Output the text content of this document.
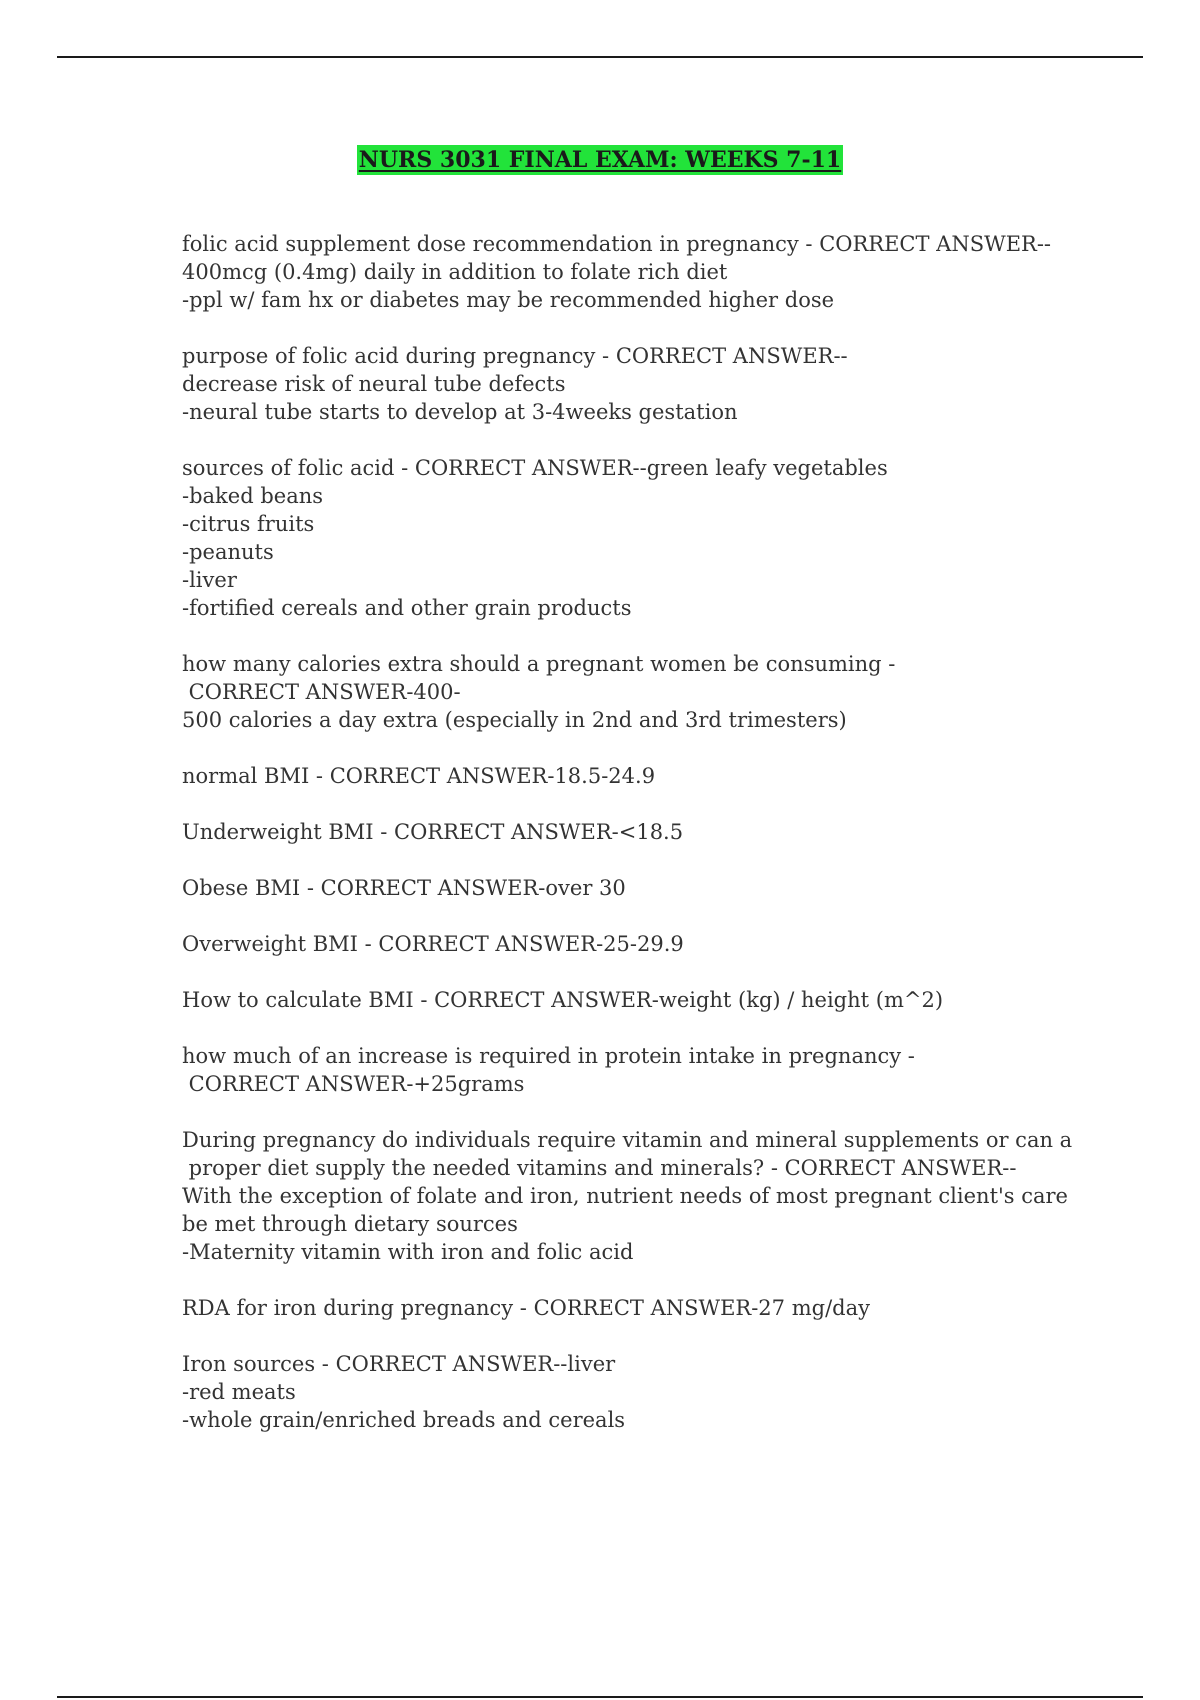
NURS 3031 FINAL EXAM: WEEKS 7-11
folic acid supplement dose recommendation in pregnancy - CORRECT ANSWER--
400mcg (0.4mg) daily in addition to folate rich diet
-ppl w/ fam hx or diabetes may be recommended higher dose
purpose of folic acid during pregnancy - CORRECT ANSWER--
decrease risk of neural tube defects
-neural tube starts to develop at 3-4weeks gestation
sources of folic acid - CORRECT ANSWER--green leafy vegetables
-baked beans
-citrus fruits
-peanuts
-liver
-fortified cereals and other grain products
how many calories extra should a pregnant women be consuming -
CORRECT ANSWER-400-
500 calories a day extra (especially in 2nd and 3rd trimesters)
normal BMI - CORRECT ANSWER-18.5-24.9
Underweight BMI - CORRECT ANSWER-<18.5
Obese BMI - CORRECT ANSWER-over 30
Overweight BMI - CORRECT ANSWER-25-29.9
How to calculate BMI - CORRECT ANSWER-weight (kg) / height (m^2)
how much of an increase is required in protein intake in pregnancy -
CORRECT ANSWER-+25grams
During pregnancy do individuals require vitamin and mineral supplements or can a
proper diet supply the needed vitamins and minerals? - CORRECT ANSWER--
With the exception of folate and iron, nutrient needs of most pregnant client's care
be met through dietary sources
-Maternity vitamin with iron and folic acid
RDA for iron during pregnancy - CORRECT ANSWER-27 mg/day
Iron sources - CORRECT ANSWER--liver
-red meats
-whole grain/enriched breads and cereals
